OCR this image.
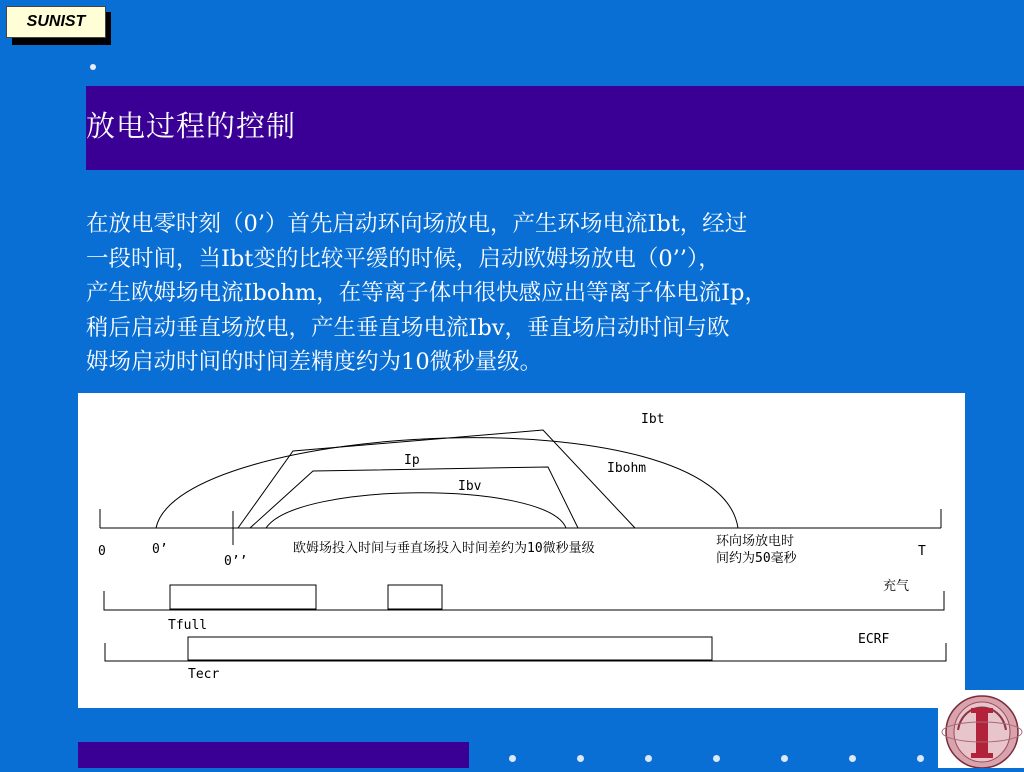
SUNIST
放电过程的控制
在放电零时刻（0’）首先启动环向场放电，产生环场电流Ibt，经过
一段时间，当Ibt变的比较平缓的时候，启动欧姆场放电（0’’），
产生欧姆场电流Ibohm，在等离子体中很快感应出等离子体电流Ip，
稍后启动垂直场放电，产生垂直场电流Ibv，垂直场启动时间与欧
姆场启动时间的时间差精度约为10微秒量级。
Ibt
Ip
Ibohm
Ibv
0	0’
0’’
T
欧姆场投入时间与垂直场投入时间差约为10微秒量级	环向场放电时
间约为50毫秒
充气
Tfull
ECRF
Tecr
